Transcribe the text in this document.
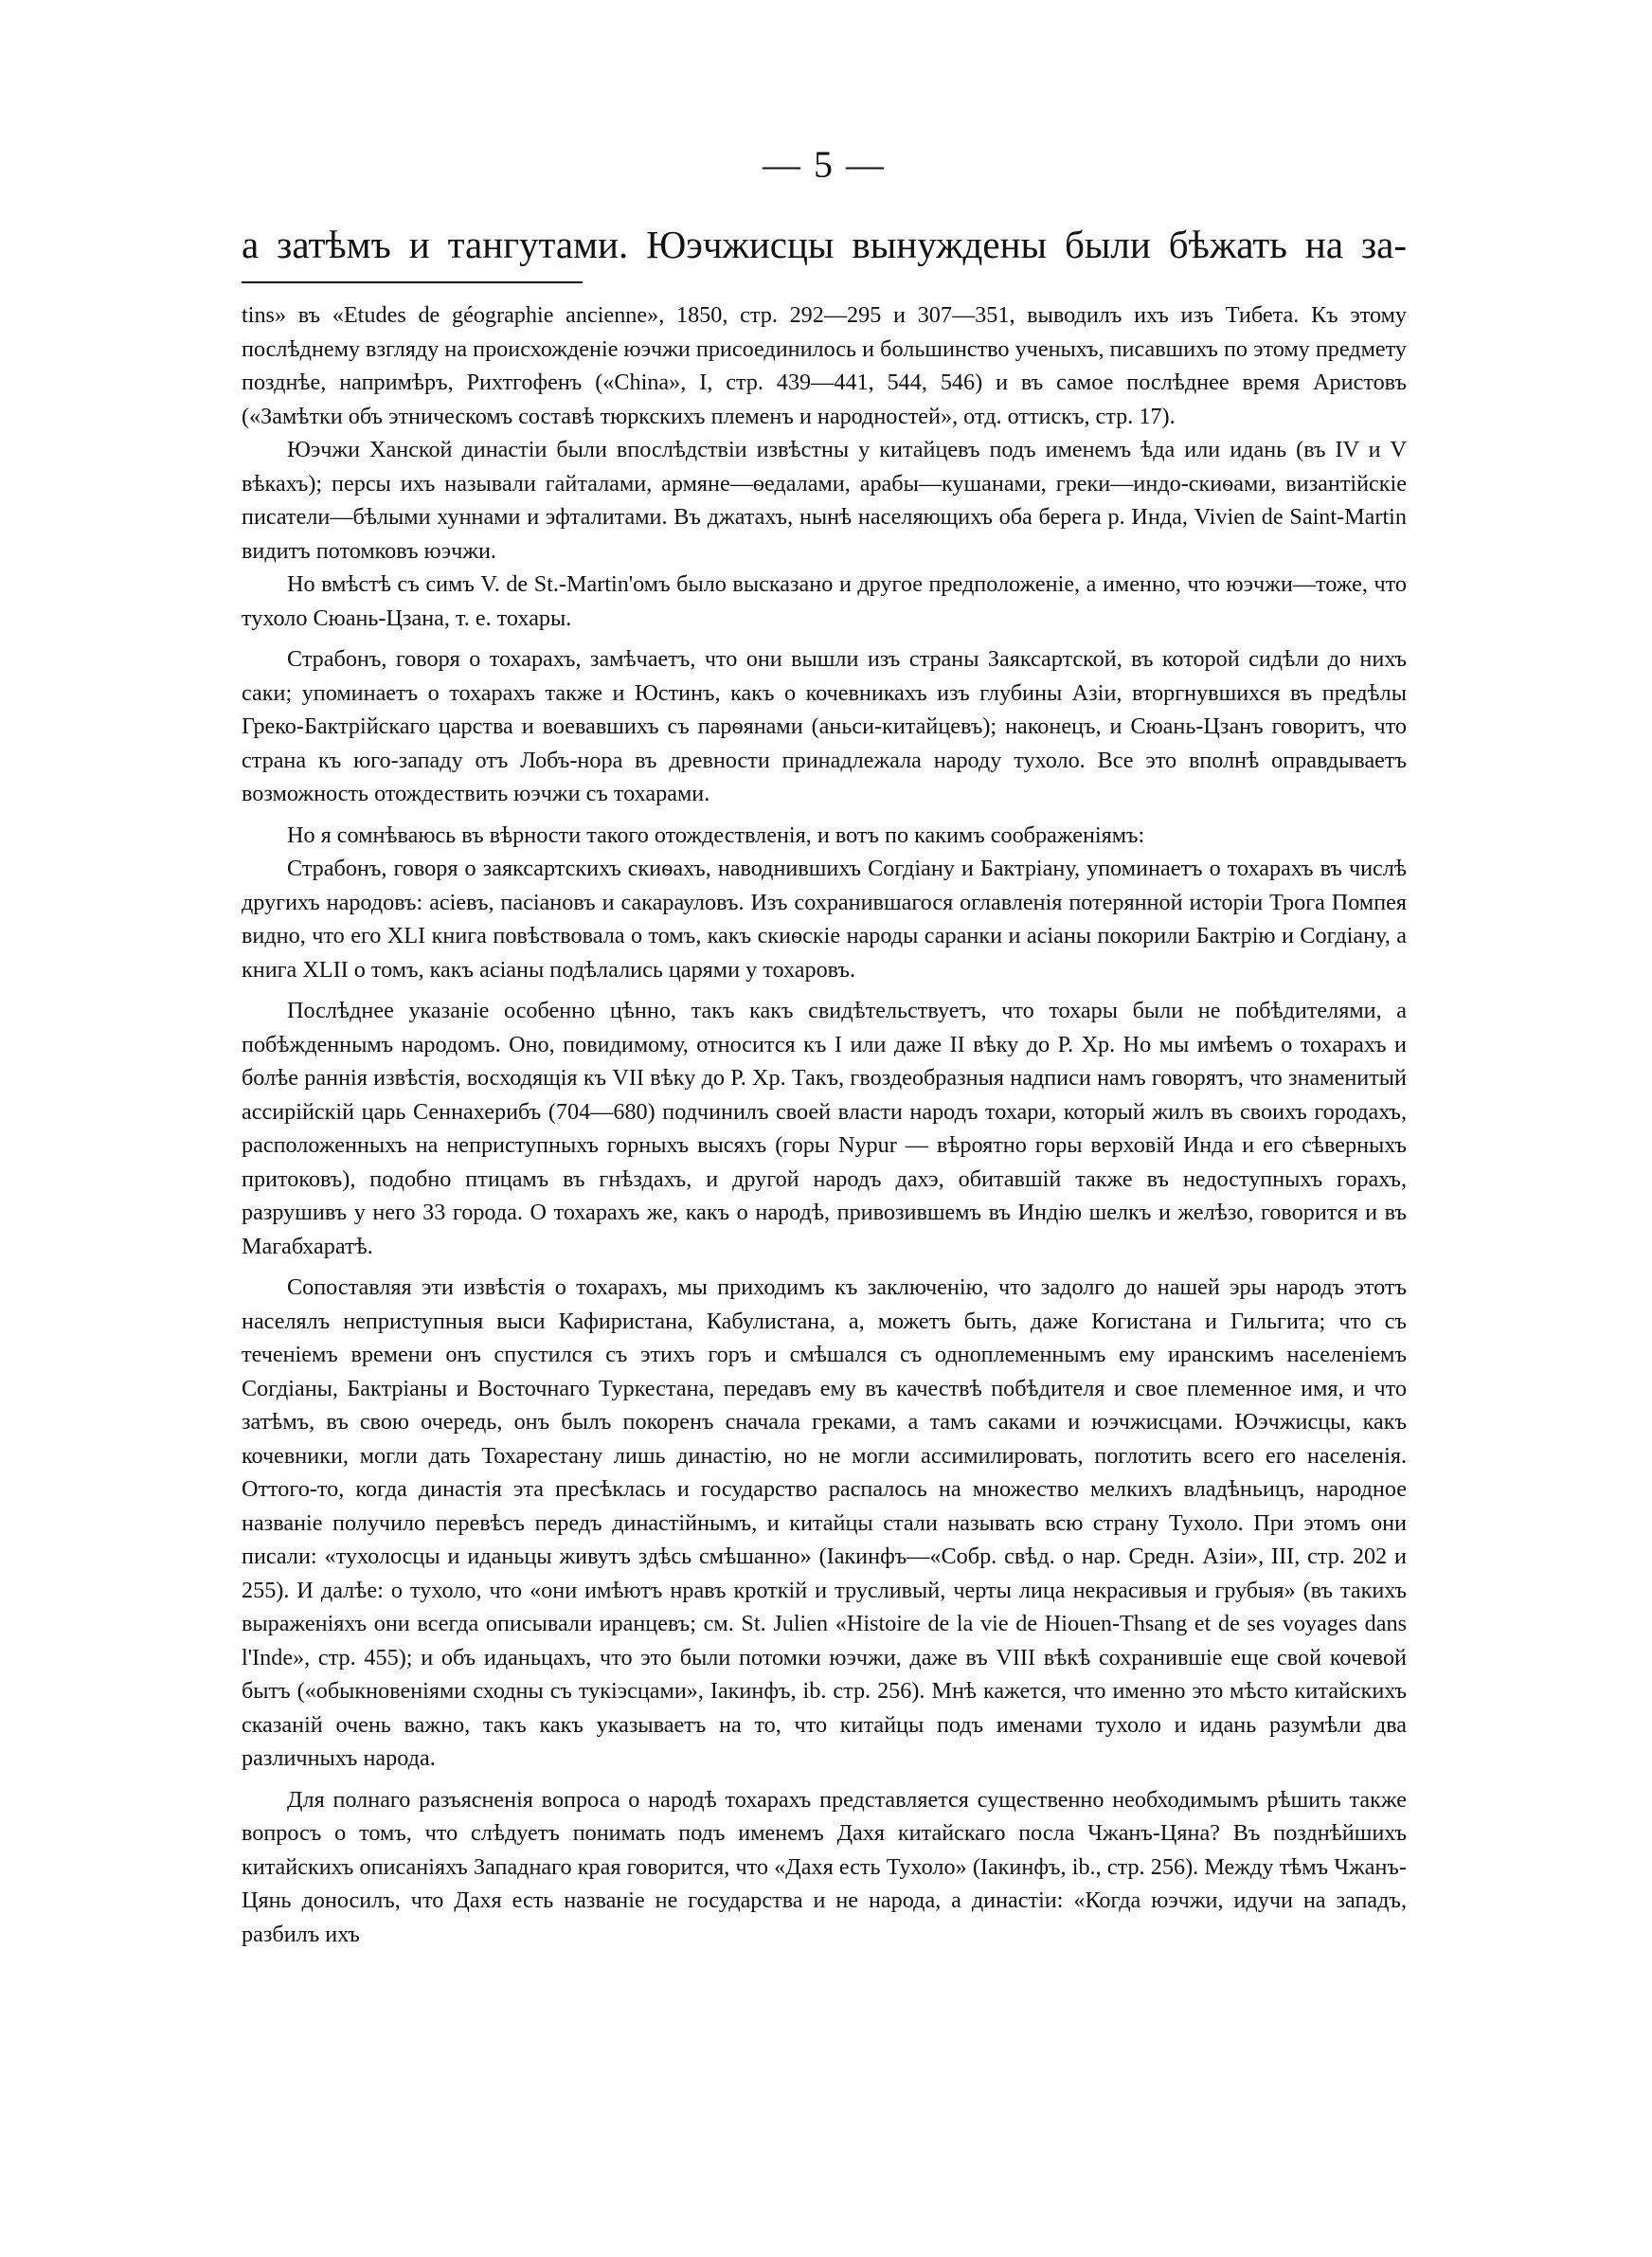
— 5 —

а затѣмъ и тангутами. Юэчжисцы вынуждены были бѣжать на за-

tins» въ «Etudes de géographie ancienne», 1850, стр. 292—295 и 307—351, выводилъ ихъ изъ Тибета. Къ этому послѣднему взгляду на происхожденіе юэчжи присоединилось и большинство ученыхъ, писавшихъ по этому предмету позднѣе, напримѣръ, Рихтгофенъ («China», I, стр. 439—441, 544, 546) и въ самое послѣднее время Аристовъ («Замѣтки объ этническомъ составѣ тюркскихъ племенъ и народностей», отд. оттискъ, стр. 17).

Юэчжи Ханской династіи были впослѣдствіи извѣстны у китайцевъ подъ именемъ ѣда или идань (въ IV и V вѣкахъ); персы ихъ называли гайталами, армяне—ѳедалами, арабы—кушанами, греки—индо-скиѳами, византійскіе писатели—бѣлыми хуннами и эфталитами. Въ джатахъ, нынѣ населяющихъ оба берега р. Инда, Vivien de Saint-Martin видитъ потомковъ юэчжи.

Но вмѣстѣ съ симъ V. de St.-Martin'омъ было высказано и другое предположеніе, а именно, что юэчжи—тоже, что тухоло Сюань-Цзана, т. е. тохары.

Страбонъ, говоря о тохарахъ, замѣчаетъ, что они вышли изъ страны Заяксартской, въ которой сидѣли до нихъ саки; упоминаетъ о тохарахъ также и Юстинъ, какъ о кочевникахъ изъ глубины Азіи, вторгнувшихся въ предѣлы Греко-Бактрійскаго царства и воевавшихъ съ парѳянами (аньси-китайцевъ); наконецъ, и Сюань-Цзанъ говоритъ, что страна къ юго-западу отъ Лобъ-нора въ древности принадлежала народу тухоло. Все это вполнѣ оправдываетъ возможность отождествить юэчжи съ тохарами.

Но я сомнѣваюсь въ вѣрности такого отождествленія, и вотъ по какимъ соображеніямъ:

Страбонъ, говоря о заяксартскихъ скиѳахъ, наводнившихъ Согдіану и Бактріану, упоминаетъ о тохарахъ въ числѣ другихъ народовъ: асіевъ, пасіановъ и сакарауловъ. Изъ сохранившагося оглавленія потерянной исторіи Трога Помпея видно, что его XLI книга повѣствовала о томъ, какъ скиѳскіе народы саранки и асіаны покорили Бактрію и Согдіану, а книга XLII о томъ, какъ асіаны подѣлались царями у тохаровъ.

Послѣднее указаніе особенно цѣнно, такъ какъ свидѣтельствуетъ, что тохары были не побѣдителями, а побѣжденнымъ народомъ. Оно, повидимому, относится къ I или даже II вѣку до Р. Хр. Но мы имѣемъ о тохарахъ и болѣе раннія извѣстія, восходящія къ VII вѣку до Р. Хр. Такъ, гвоздеобразныя надписи намъ говорятъ, что знаменитый ассирійскій царь Сеннахерибъ (704—680) подчинилъ своей власти народъ тохари, который жилъ въ своихъ городахъ, расположенныхъ на неприступныхъ горныхъ высяхъ (горы Nypur — вѣроятно горы верховій Инда и его сѣверныхъ притоковъ), подобно птицамъ въ гнѣздахъ, и другой народъ дахэ, обитавшій также въ недоступныхъ горахъ, разрушивъ у него 33 города. О тохарахъ же, какъ о народѣ, привозившемъ въ Индію шелкъ и желѣзо, говорится и въ Магабхаратѣ.

Сопоставляя эти извѣстія о тохарахъ, мы приходимъ къ заключенію, что задолго до нашей эры народъ этотъ населялъ неприступныя выси Кафиристана, Кабулистана, а, можетъ быть, даже Когистана и Гильгита; что съ теченіемъ времени онъ спустился съ этихъ горъ и смѣшался съ одноплеменнымъ ему иранскимъ населеніемъ Согдіаны, Бактріаны и Восточнаго Туркестана, передавъ ему въ качествѣ побѣдителя и свое племенное имя, и что затѣмъ, въ свою очередь, онъ былъ покоренъ сначала греками, а тамъ саками и юэчжисцами. Юэчжисцы, какъ кочевники, могли дать Тохарестану лишь династію, но не могли ассимилировать, поглотить всего его населенія. Оттого-то, когда династія эта пресѣклась и государство распалось на множество мелкихъ владѣньицъ, народное названіе получило перевѣсъ передъ династійнымъ, и китайцы стали называть всю страну Тухоло. При этомъ они писали: «тухолосцы и иданьцы живутъ здѣсь смѣшанно» (Іакинфъ—«Собр. свѣд. о нар. Средн. Азіи», III, стр. 202 и 255). И далѣе: о тухоло, что «они имѣютъ нравъ кроткій и трусливый, черты лица некрасивыя и грубыя» (въ такихъ выраженіяхъ они всегда описывали иранцевъ; см. St. Julien «Histoire de la vie de Hiouen-Thsang et de ses voyages dans l'Inde», стр. 455); и объ иданьцахъ, что это были потомки юэчжи, даже въ VIII вѣкѣ сохранившіе еще свой кочевой бытъ («обыкновеніями сходны съ тукіэсцами», Іакинфъ, ib. стр. 256). Мнѣ кажется, что именно это мѣсто китайскихъ сказаній очень важно, такъ какъ указываетъ на то, что китайцы подъ именами тухоло и идань разумѣли два различныхъ народа.

Для полнаго разъясненія вопроса о народѣ тохарахъ представляется существенно необходимымъ рѣшить также вопросъ о томъ, что слѣдуетъ понимать подъ именемъ Дахя китайскаго посла Чжанъ-Цяна? Въ позднѣйшихъ китайскихъ описаніяхъ Западнаго края говорится, что «Дахя есть Тухоло» (Іакинфъ, ib., стр. 256). Между тѣмъ Чжанъ-Цянь доносилъ, что Дахя есть названіе не государства и не народа, а династіи: «Когда юэчжи, идучи на западъ, разбилъ ихъ
